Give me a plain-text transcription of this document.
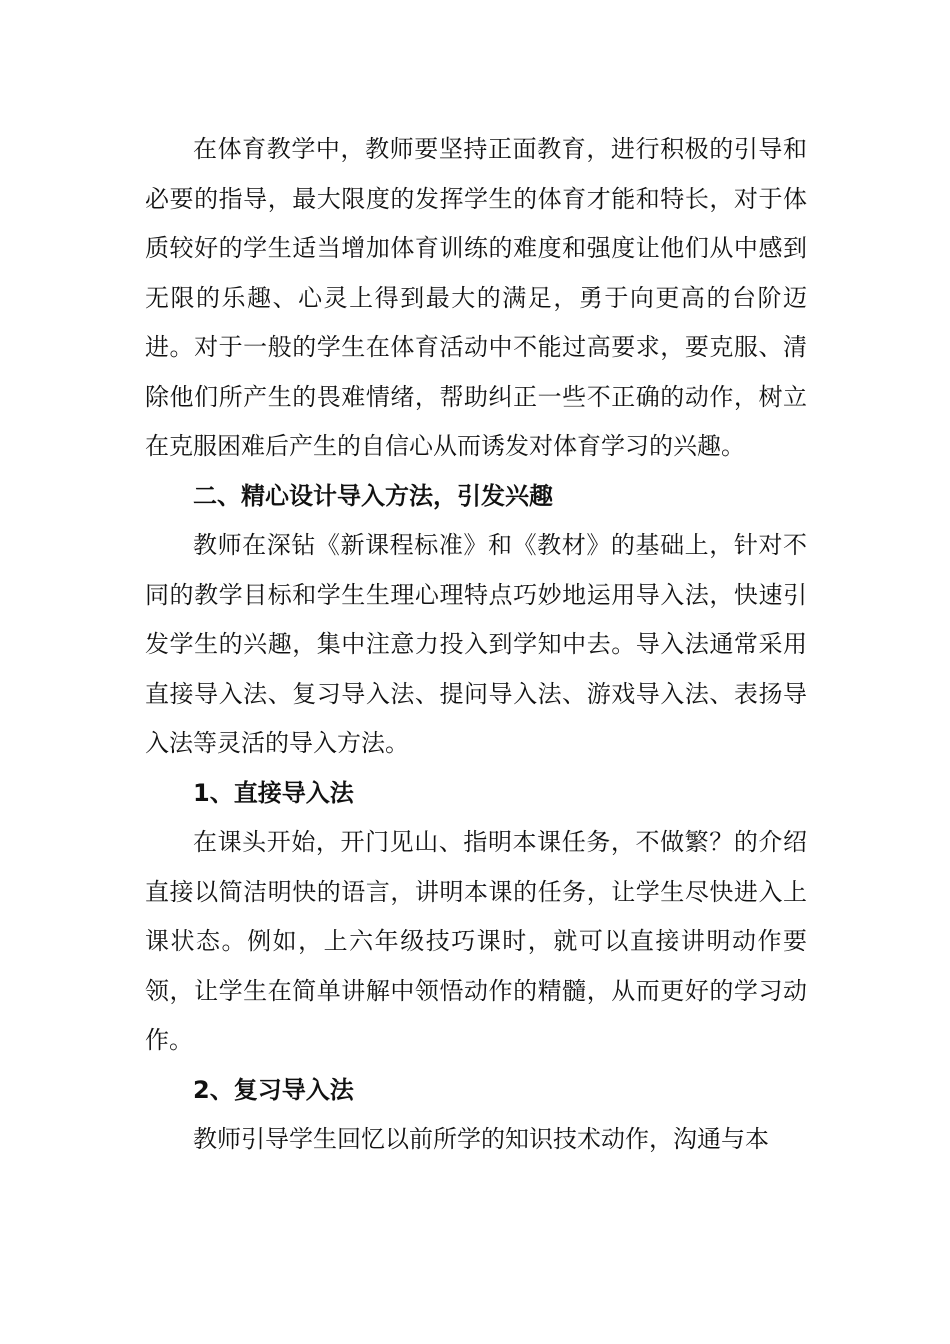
在体育教学中，教师要坚持正面教育，进行积极的引导和必要的指导，最大限度的发挥学生的体育才能和特长，对于体质较好的学生适当增加体育训练的难度和强度让他们从中感到无限的乐趣、心灵上得到最大的满足，勇于向更高的台阶迈进。对于一般的学生在体育活动中不能过高要求，要克服、清除他们所产生的畏难情绪，帮助纠正一些不正确的动作，树立在克服困难后产生的自信心从而诱发对体育学习的兴趣。

二、精心设计导入方法，引发兴趣

教师在深钻《新课程标准》和《教材》的基础上，针对不同的教学目标和学生生理心理特点巧妙地运用导入法，快速引发学生的兴趣，集中注意力投入到学知中去。导入法通常采用直接导入法、复习导入法、提问导入法、游戏导入法、表扬导入法等灵活的导入方法。

1、直接导入法

在课头开始，开门见山、指明本课任务，不做繁？的介绍直接以简洁明快的语言，讲明本课的任务，让学生尽快进入上课状态。例如，上六年级技巧课时，就可以直接讲明动作要领，让学生在简单讲解中领悟动作的精髓，从而更好的学习动作。

2、复习导入法

教师引导学生回忆以前所学的知识技术动作，沟通与本
